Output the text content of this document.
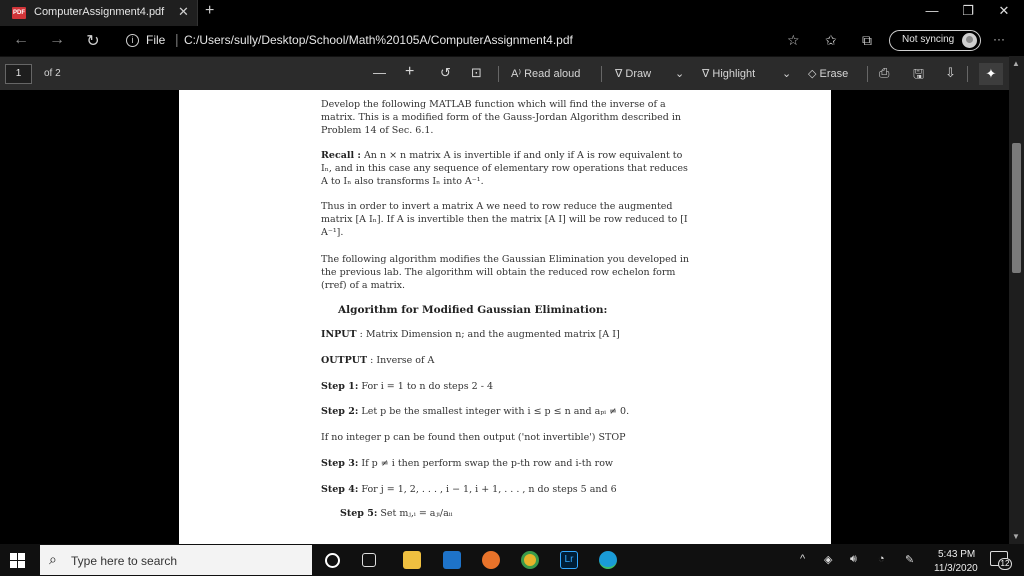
PDF ComputerAssignment4.pdf ✕ +	—	❐	✕
← → ↻	i	File | C:/Users/sully/Desktop/School/Math%20105A/ComputerAssignment4.pdf	☆ ✩ ⧉	Not syncing	···
1	of 2	— + ↺ ⊡	A⁾ Read aloud	∇ Draw ⌄ ∇ Highlight ⌄ ◇ Erase ⎙ 🖫 ⇩	✦
Develop the following MATLAB function which will find the inverse of a matrix. This is a modified form of the Gauss-Jordan Algorithm described in Problem 14 of Sec. 6.1.
Recall : An n × n matrix A is invertible if and only if A is row equivalent to Iₙ, and in this case any sequence of elementary row operations that reduces A to Iₙ also transforms Iₙ into A⁻¹.
Thus in order to invert a matrix A we need to row reduce the augmented matrix [A Iₙ]. If A is invertible then the matrix [A I] will be row reduced to [I A⁻¹].
The following algorithm modifies the Gaussian Elimination you developed in the previous lab. The algorithm will obtain the reduced row echelon form (rref) of a matrix.
Algorithm for Modified Gaussian Elimination:
INPUT : Matrix Dimension n; and the augmented matrix [A I]
OUTPUT : Inverse of A
Step 1: For i = 1 to n do steps 2 - 4
Step 2: Let p be the smallest integer with i ≤ p ≤ n and aₚᵢ ≠ 0.
If no integer p can be found then output ('not invertible') STOP
Step 3: If p ≠ i then perform swap the p-th row and i-th row
Step 4: For j = 1, 2, . . . , i − 1, i + 1, . . . , n do steps 5 and 6
Step 5: Set mⱼ,ᵢ = aⱼᵢ/aᵢᵢ
▲
▼
⌕ Type here to search	Lr	^ ◈ 🔊︎ ◔ ✎ 5:43 PM
11/3/2020	12
